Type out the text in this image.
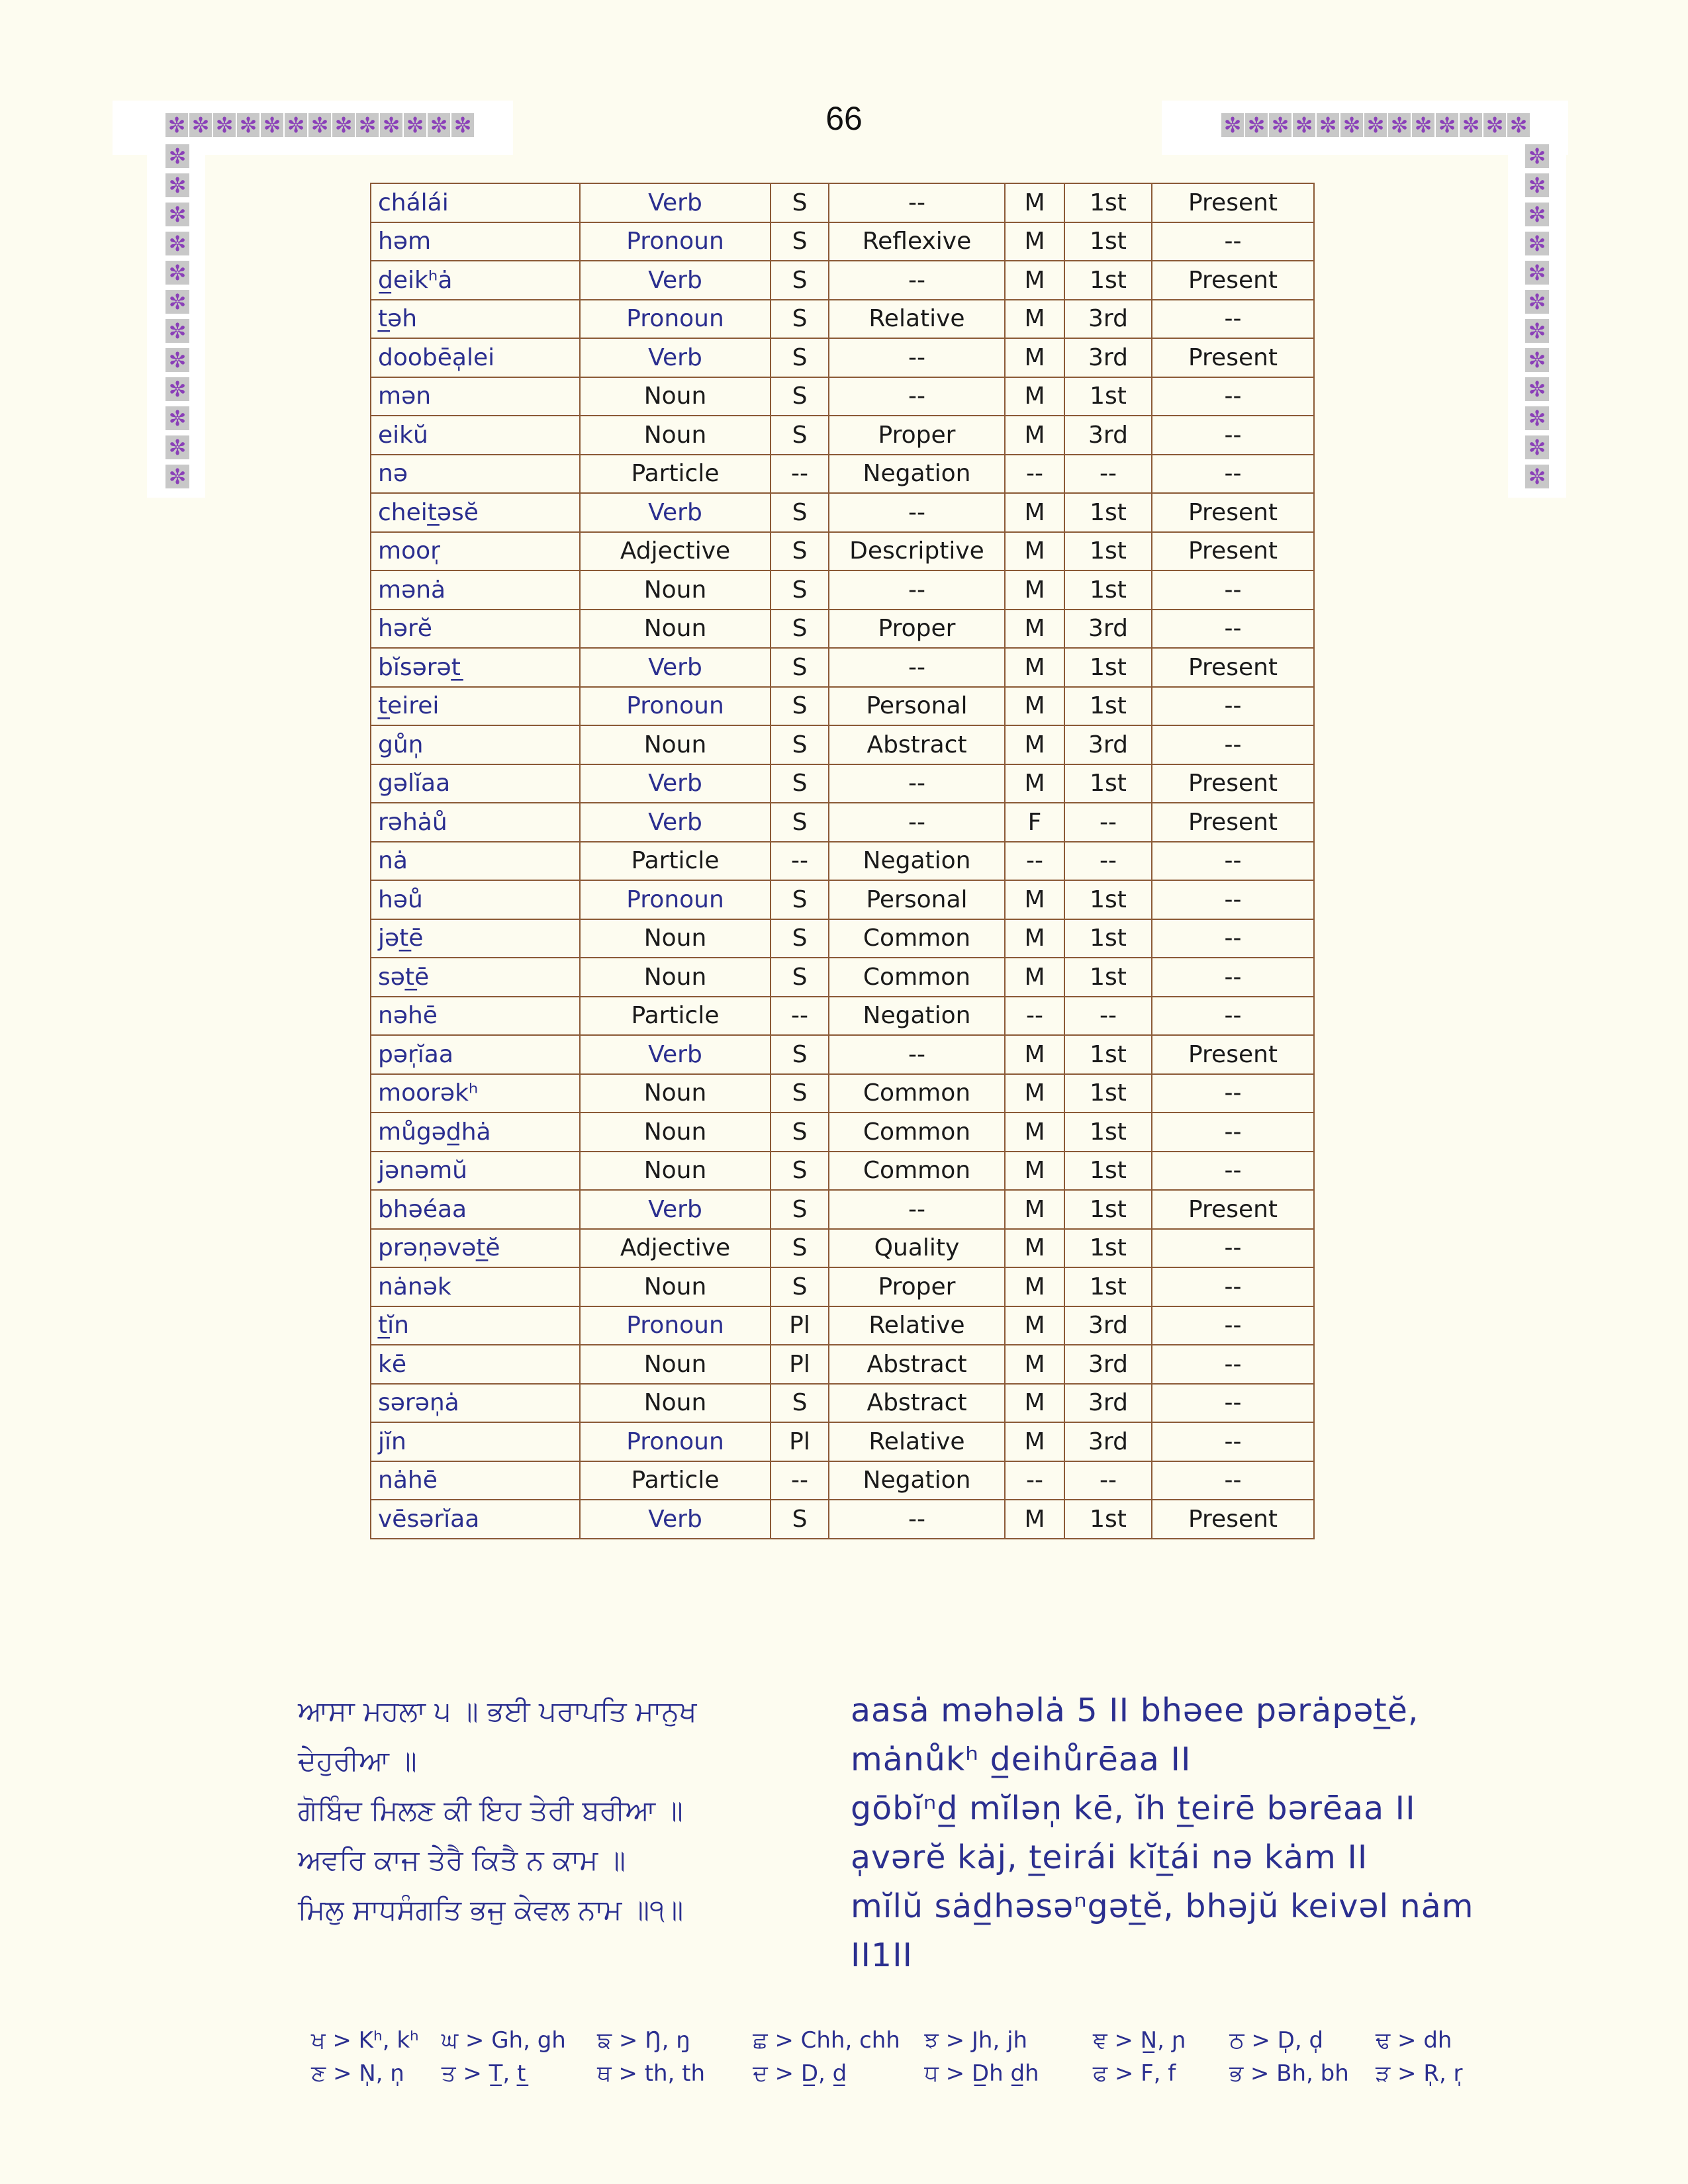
✼ ✼ ✼ ✼ ✼ ✼ ✼ ✼ ✼ ✼ ✼ ✼ ✼
✼
✼
✼
✼
✼
✼
✼
✼
✼
✼
✼
✼
✼ ✼ ✼ ✼ ✼ ✼ ✼ ✼ ✼ ✼ ✼ ✼ ✼
✼
✼
✼
✼
✼
✼
✼
✼
✼
✼
✼
✼
66
chálái	Verb	S	--	M	1st	Present
həm	Pronoun	S	Reflexive	M	1st	--
d̲eikʰȧ	Verb	S	--	M	1st	Present
t̲əh	Pronoun	S	Relative	M	3rd	--
doobēa̩lei	Verb	S	--	M	3rd	Present
mən	Noun	S	--	M	1st	--
eikŭ	Noun	S	Proper	M	3rd	--
nə	Particle	--	Negation	--	--	--
cheit̲əsĕ	Verb	S	--	M	1st	Present
moor̩	Adjective	S	Descriptive	M	1st	Present
mənȧ	Noun	S	--	M	1st	--
hərĕ	Noun	S	Proper	M	3rd	--
bĭsərət̲	Verb	S	--	M	1st	Present
t̲eirei	Pronoun	S	Personal	M	1st	--
gůn̩	Noun	S	Abstract	M	3rd	--
gəlĭaa	Verb	S	--	M	1st	Present
rəhȧů	Verb	S	--	F	--	Present
nȧ	Particle	--	Negation	--	--	--
həů	Pronoun	S	Personal	M	1st	--
jət̲ē	Noun	S	Common	M	1st	--
sət̲ē	Noun	S	Common	M	1st	--
nəhē	Particle	--	Negation	--	--	--
pər̩ĭaa	Verb	S	--	M	1st	Present
moorəkʰ	Noun	S	Common	M	1st	--
můgəd̲hȧ	Noun	S	Common	M	1st	--
jənəmŭ	Noun	S	Common	M	1st	--
bhəéaa	Verb	S	--	M	1st	Present
prən̩əvət̲ĕ	Adjective	S	Quality	M	1st	--
nȧnək	Noun	S	Proper	M	1st	--
t̲ĭn	Pronoun	Pl	Relative	M	3rd	--
kē	Noun	Pl	Abstract	M	3rd	--
sərən̩ȧ	Noun	S	Abstract	M	3rd	--
jĭn	Pronoun	Pl	Relative	M	3rd	--
nȧhē	Particle	--	Negation	--	--	--
vēsərĭaa	Verb	S	--	M	1st	Present
ਆਸਾ ਮਹਲਾ ੫ ॥ ਭਈ ਪਰਾਪਤਿ ਮਾਨੁਖ
ਦੇਹੁਰੀਆ ॥
ਗੋਬਿੰਦ ਮਿਲਣ ਕੀ ਇਹ ਤੇਰੀ ਬਰੀਆ ॥
ਅਵਰਿ ਕਾਜ ਤੇਰੈ ਕਿਤੈ ਨ ਕਾਮ ॥
ਮਿਲੁ ਸਾਧਸੰਗਤਿ ਭਜੁ ਕੇਵਲ ਨਾਮ ॥੧॥
aasȧ məhəlȧ 5 II bhəee pərȧpət̲ĕ,
mȧnůkʰ d̲eihůrēaa II
gōbĭⁿd̲ mĭlən̩ kē, ĭh t̲eirē bərēaa II
a̩vərĕ kȧj, t̲eirái kĭt̲ái nə kȧm II
mĭlŭ sȧd̲həsəⁿgət̲ĕ, bhəjŭ keivəl nȧm
II1II
ਖ > Kʰ, kʰ	ਘ > Gh, gh	ਙ > Ŋ, ŋ	ਛ > Chh, chh	ਝ > Jh, jh	ਞ > N̲, ɲ	ਠ > D̩, d̩	ਢ > dh
ਣ > N̩, n̩	ਤ > T̲, t̲	ਥ > th, th	ਦ > D̲, d̲	ਧ > D̲h d̲h	ਫ > F, f	ਭ > Bh, bh	ੜ > R̩, r̩
